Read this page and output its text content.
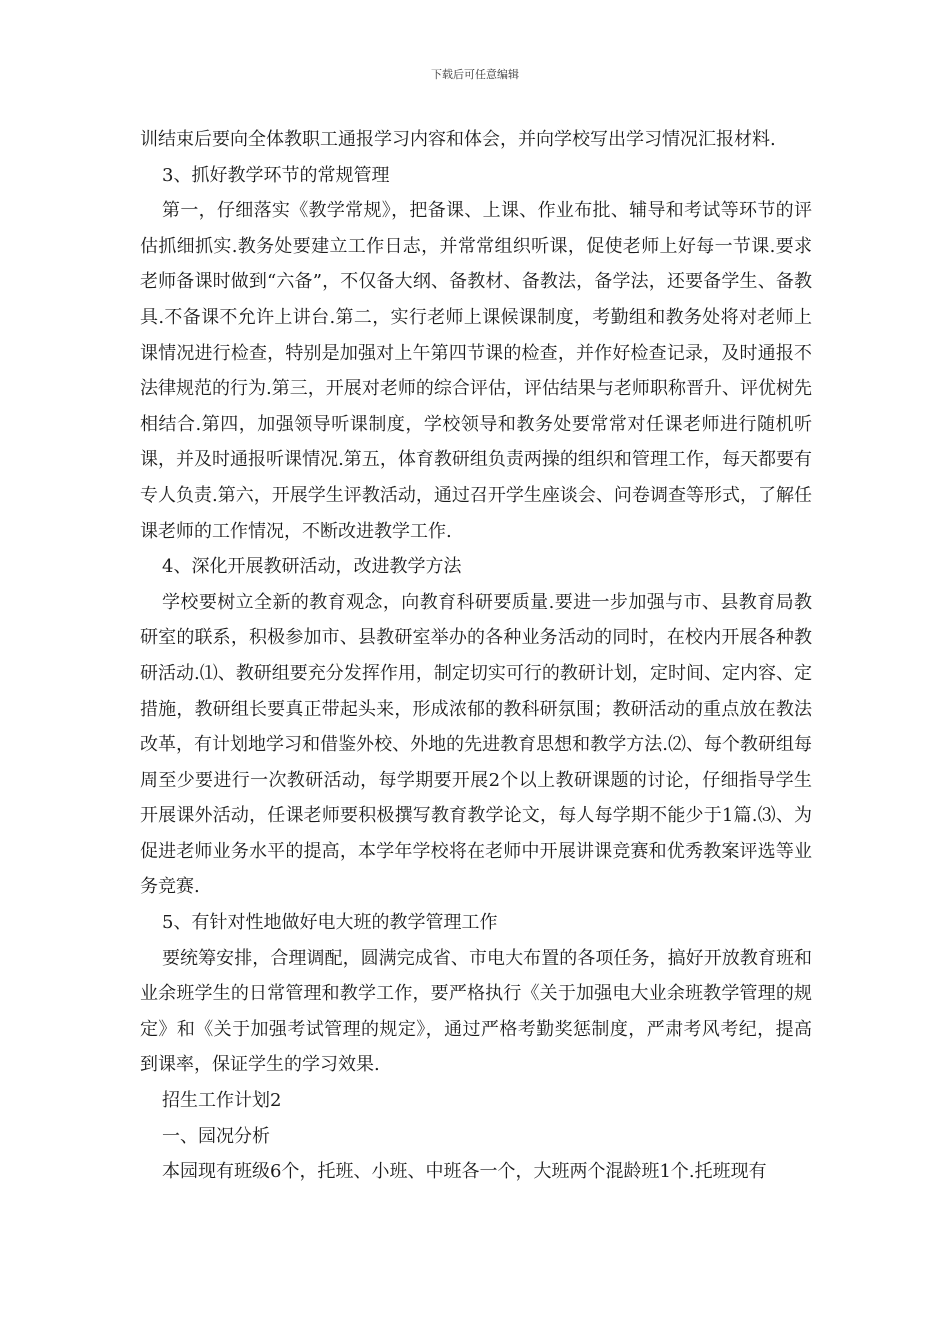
下载后可任意编辑

训结束后要向全体教职工通报学习内容和体会，并向学校写出学习情况汇报材料.

3、抓好教学环节的常规管理

第一，仔细落实《教学常规》，把备课、上课、作业布批、辅导和考试等环节的评估抓细抓实.教务处要建立工作日志，并常常组织听课，促使老师上好每一节课.要求老师备课时做到“六备”，不仅备大纲、备教材、备教法，备学法，还要备学生、备教具.不备课不允许上讲台.第二，实行老师上课候课制度，考勤组和教务处将对老师上课情况进行检查，特别是加强对上午第四节课的检查，并作好检查记录，及时通报不法律规范的行为.第三，开展对老师的综合评估，评估结果与老师职称晋升、评优树先相结合.第四，加强领导听课制度，学校领导和教务处要常常对任课老师进行随机听课，并及时通报听课情况.第五，体育教研组负责两操的组织和管理工作，每天都要有专人负责.第六，开展学生评教活动，通过召开学生座谈会、问卷调查等形式，了解任课老师的工作情况，不断改进教学工作.

4、深化开展教研活动，改进教学方法

学校要树立全新的教育观念，向教育科研要质量.要进一步加强与市、县教育局教研室的联系，积极参加市、县教研室举办的各种业务活动的同时，在校内开展各种教研活动.⑴、教研组要充分发挥作用，制定切实可行的教研计划，定时间、定内容、定措施，教研组长要真正带起头来，形成浓郁的教科研氛围；教研活动的重点放在教法改革，有计划地学习和借鉴外校、外地的先进教育思想和教学方法.⑵、每个教研组每周至少要进行一次教研活动，每学期要开展2个以上教研课题的讨论，仔细指导学生开展课外活动，任课老师要积极撰写教育教学论文，每人每学期不能少于1篇.⑶、为促进老师业务水平的提高，本学年学校将在老师中开展讲课竞赛和优秀教案评选等业务竞赛.

5、有针对性地做好电大班的教学管理工作

要统筹安排，合理调配，圆满完成省、市电大布置的各项任务，搞好开放教育班和业余班学生的日常管理和教学工作，要严格执行《关于加强电大业余班教学管理的规定》和《关于加强考试管理的规定》，通过严格考勤奖惩制度，严肃考风考纪，提高到课率，保证学生的学习效果.

招生工作计划2

一、园况分析

本园现有班级6个，托班、小班、中班各一个，大班两个混龄班1个.托班现有
